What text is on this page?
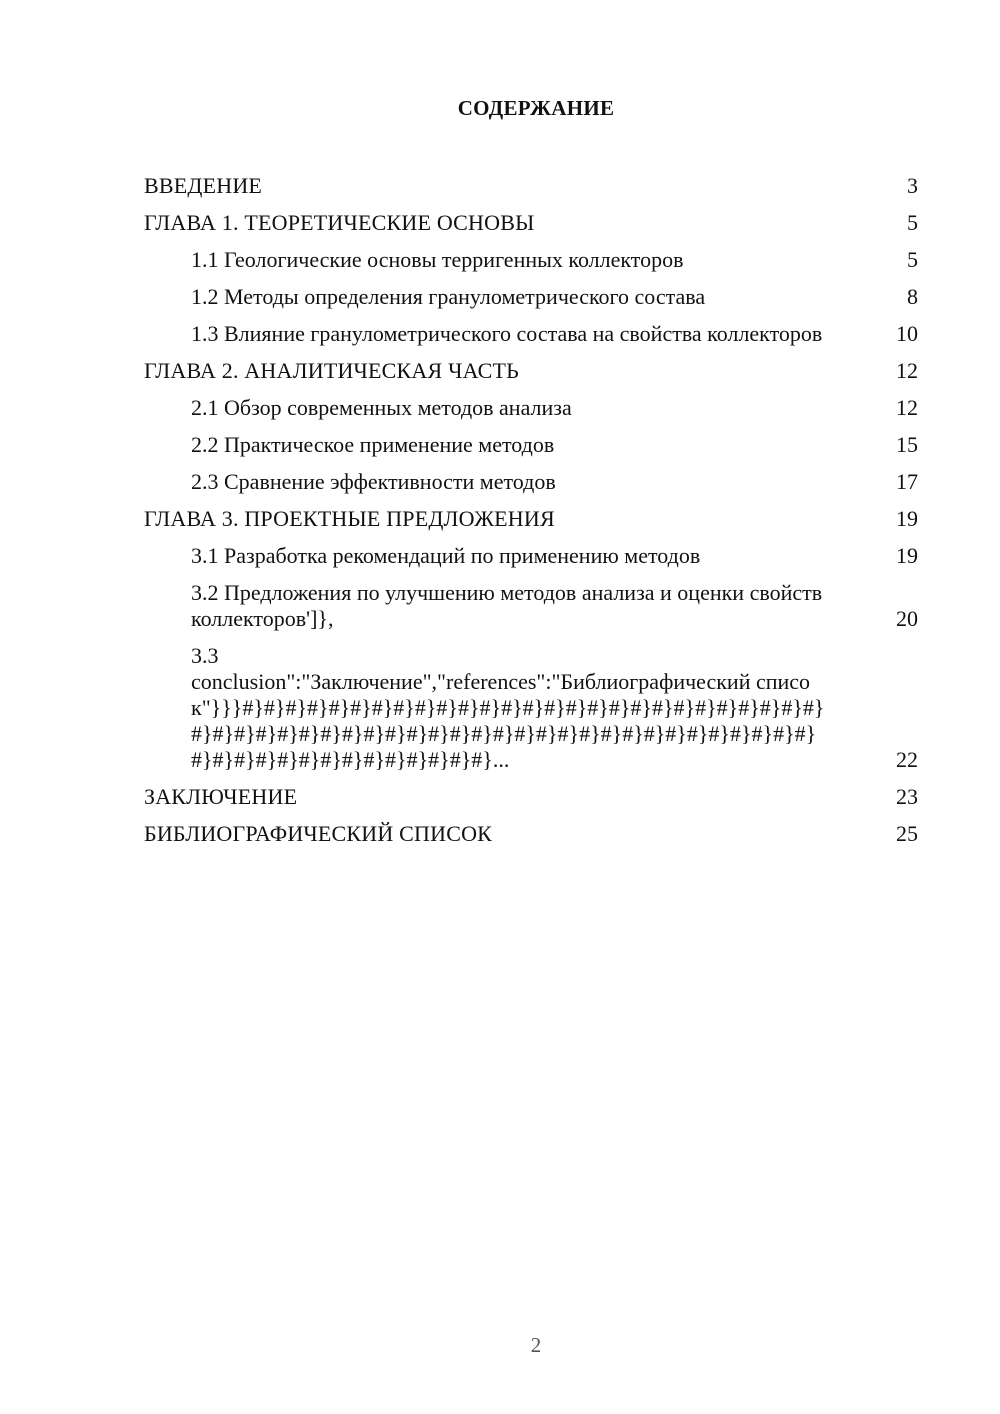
СОДЕРЖАНИЕ
ВВЕДЕНИЕ	3
ГЛАВА 1. ТЕОРЕТИЧЕСКИЕ ОСНОВЫ	5
1.1 Геологические основы терригенных коллекторов	5
1.2 Методы определения гранулометрического состава	8
1.3 Влияние гранулометрического состава на свойства коллекторов	10
ГЛАВА 2. АНАЛИТИЧЕСКАЯ ЧАСТЬ	12
2.1 Обзор современных методов анализа	12
2.2 Практическое применение методов	15
2.3 Сравнение эффективности методов	17
ГЛАВА 3. ПРОЕКТНЫЕ ПРЕДЛОЖЕНИЯ	19
3.1 Разработка рекомендаций по применению методов	19
3.2 Предложения по улучшению методов анализа и оценки свойств коллекторов']},	20
3.3
conclusion":"Заключение","references":"Библиографический список"}}}#}#}#}#}#}#}#}#}#}#}#}#}#}#}#}#}#}#}#}#}#}#}#}#}#}#}#}#}#}#}#}#}#}#}#}#}#}#}#}#}#}#}#}#}#}#}#}#}#}#}#}#}#}#}#}#}#}#}#}#}#}#}#}#}#}#}#}#}#}#}...	22
ЗАКЛЮЧЕНИЕ	23
БИБЛИОГРАФИЧЕСКИЙ СПИСОК	25
2
